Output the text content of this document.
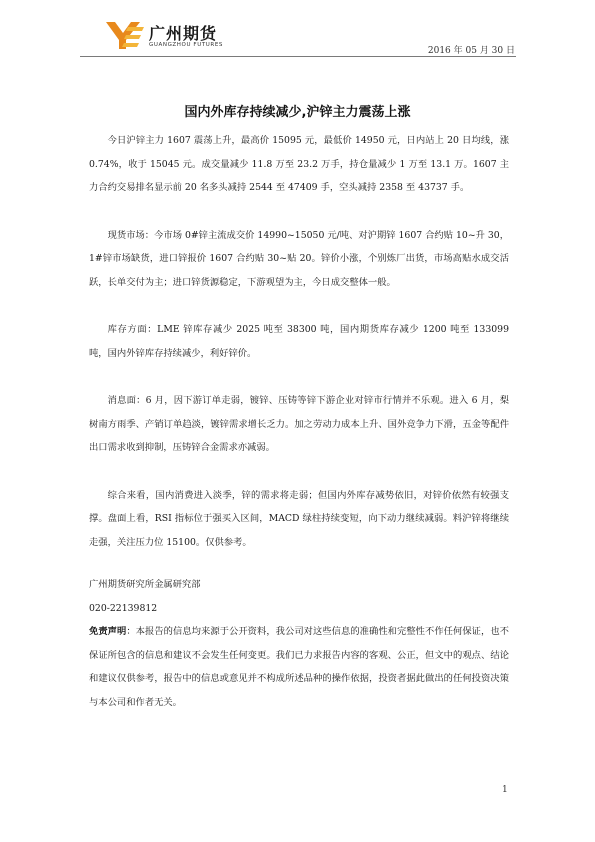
广州期货
GUANGZHOU FUTURES
2016 年 05 月 30 日
国内外库存持续减少,沪锌主力震荡上涨

今日沪锌主力 1607 震荡上升，最高价 15095 元，最低价 14950 元，日内站上 20 日均线，涨 0.74%，收于 15045 元。成交量减少 11.8 万至 23.2 万手，持仓量减少 1 万至 13.1 万。1607 主力合约交易排名显示前 20 名多头减持 2544 至 47409 手，空头减持 2358 至 43737 手。

现货市场：今市场 0#锌主流成交价 14990~15050 元/吨、对沪期锌 1607 合约贴 10~升 30，1#锌市场缺货，进口锌报价 1607 合约贴 30~贴 20。锌价小涨，个别炼厂出货，市场高贴水成交活跃，长单交付为主；进口锌货源稳定，下游观望为主，今日成交整体一般。

库存方面：LME 锌库存减少 2025 吨至 38300 吨，国内期货库存减少 1200 吨至 133099 吨，国内外锌库存持续减少，利好锌价。

消息面：6 月，因下游订单走弱，镀锌、压铸等锌下游企业对锌市行情并不乐观。进入 6 月，梨树南方雨季、产销订单趋淡，镀锌需求增长乏力。加之劳动力成本上升、国外竞争力下滑，五金等配件出口需求收到抑制，压铸锌合金需求亦减弱。

综合来看，国内消费进入淡季，锌的需求将走弱；但国内外库存减势依旧，对锌价依然有较强支撑。盘面上看，RSI 指标位于强买入区间，MACD 绿柱持续变短，向下动力继续减弱。料沪锌将继续走强，关注压力位 15100。仅供参考。

广州期货研究所金属研究部

020-22139812

免责声明：本报告的信息均来源于公开资料，我公司对这些信息的准确性和完整性不作任何保证，也不保证所包含的信息和建议不会发生任何变更。我们已力求报告内容的客观、公正，但文中的观点、结论和建议仅供参考，报告中的信息或意见并不构成所述品种的操作依据，投资者据此做出的任何投资决策与本公司和作者无关。

1
